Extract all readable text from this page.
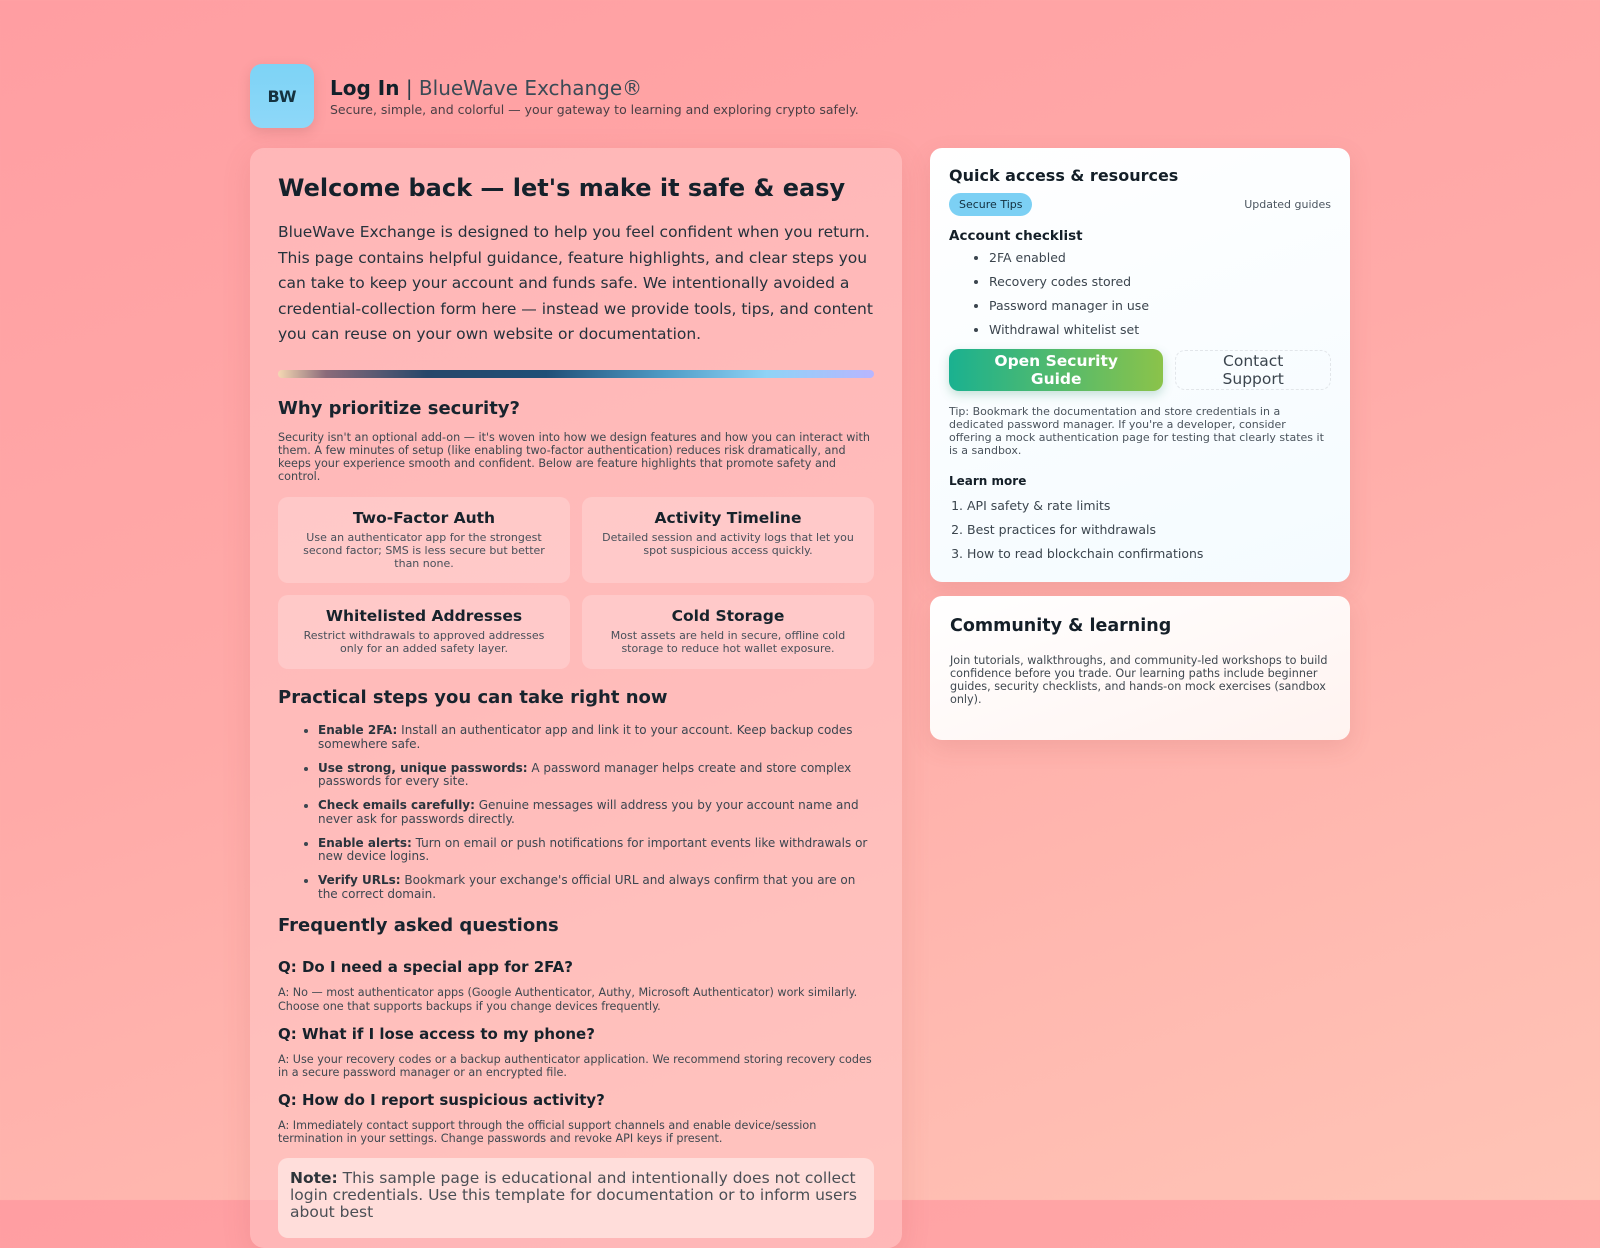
BW	Log In | BlueWave Exchange®
Secure, simple, and colorful — your gateway to learning and exploring crypto safely.
Welcome back — let's make it safe & easy

BlueWave Exchange is designed to help you feel confident when you return. This page contains helpful guidance, feature highlights, and clear steps you can take to keep your account and funds safe. We intentionally avoided a credential-collection form here — instead we provide tools, tips, and content you can reuse on your own website or documentation.

Why prioritize security?

Security isn't an optional add-on — it's woven into how we design features and how you can interact with them. A few minutes of setup (like enabling two-factor authentication) reduces risk dramatically, and keeps your experience smooth and confident. Below are feature highlights that promote safety and control.

Two-Factor Auth

Use an authenticator app for the strongest second factor; SMS is less secure but better than none.

Activity Timeline

Detailed session and activity logs that let you spot suspicious access quickly.

Whitelisted Addresses

Restrict withdrawals to approved addresses only for an added safety layer.

Cold Storage

Most assets are held in secure, offline cold storage to reduce hot wallet exposure.

Practical steps you can take right now
• Enable 2FA: Install an authenticator app and link it to your account. Keep backup codes somewhere safe.
• Use strong, unique passwords: A password manager helps create and store complex passwords for every site.
• Check emails carefully: Genuine messages will address you by your account name and never ask for passwords directly.
• Enable alerts: Turn on email or push notifications for important events like withdrawals or new device logins.
• Verify URLs: Bookmark your exchange's official URL and always confirm that you are on the correct domain.
Frequently asked questions
Q: Do I need a special app for 2FA?

A: No — most authenticator apps (Google Authenticator, Authy, Microsoft Authenticator) work similarly. Choose one that supports backups if you change devices frequently.

Q: What if I lose access to my phone?

A: Use your recovery codes or a backup authenticator application. We recommend storing recovery codes in a secure password manager or an encrypted file.

Q: How do I report suspicious activity?

A: Immediately contact support through the official support channels and enable device/session termination in your settings. Change passwords and revoke API keys if present.

Note: This sample page is educational and intentionally does not collect login credentials. Use this template for documentation or to inform users about best
Quick access & resources
Secure Tips	Updated guides
Account checklist
• 2FA enabled
• Recovery codes stored
• Password manager in use
• Withdrawal whitelist set
Open Security Guide
Contact Support

Tip: Bookmark the documentation and store credentials in a dedicated password manager. If you're a developer, consider offering a mock authentication page for testing that clearly states it is a sandbox.

Learn more
1. API safety & rate limits
2. Best practices for withdrawals
3. How to read blockchain confirmations
Community & learning

Join tutorials, walkthroughs, and community-led workshops to build confidence before you trade. Our learning paths include beginner guides, security checklists, and hands-on mock exercises (sandbox only).
